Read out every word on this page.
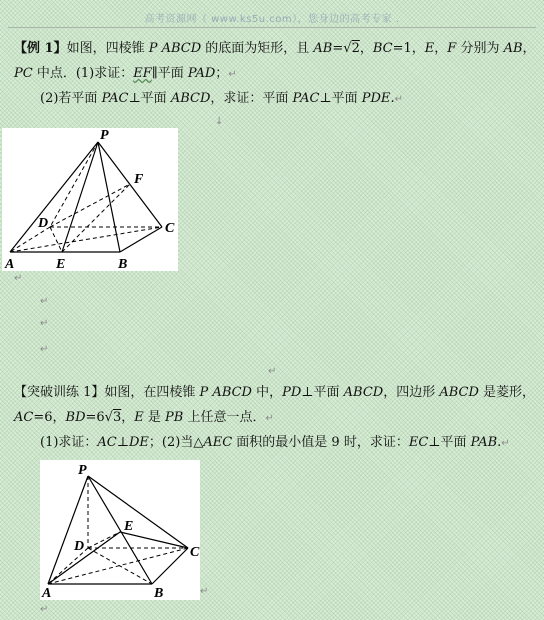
高考资源网（ www.ks5u.com），您身边的高考专家 .
【例 1】如图，四棱锥 P ABCD 的底面为矩形，且 AB=√2，BC=1，E，F 分别为 AB，
PC 中点．(1)求证：EF∥平面 PAD；↵
(2)若平面 PAC⊥平面 ABCD，求证：平面 PAC⊥平面 PDE.↵
↓
P
F
D	C
A	E	B
↵
↵
↵
↵
↵
【突破训练 1】如图，在四棱锥 P ABCD 中，PD⊥平面 ABCD，四边形 ABCD 是菱形，
AC=6，BD=6√3，E 是 PB 上任意一点．↵
(1)求证：AC⊥DE；(2)当△AEC 面积的最小值是 9 时，求证：EC⊥平面 PAB.↵
P
E
D	C
A	B
↵
↵
